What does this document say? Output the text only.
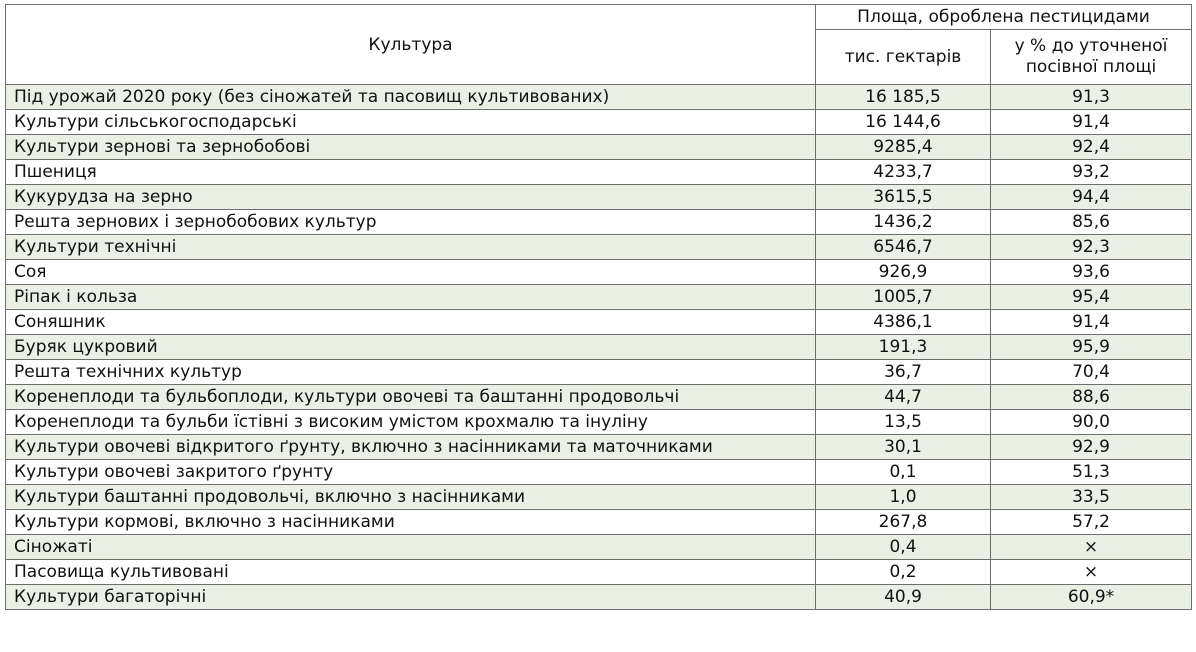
Культура	Площа, оброблена пестицидами	
	тис. гектарів	у % до уточненої посівної площі
Під урожай 2020 року (без сіножатей та пасовищ культивованих)	16 185,5	91,3
Культури сільськогосподарські	16 144,6	91,4
Культури зернові та зернобобові	9285,4	92,4
Пшениця	4233,7	93,2
Кукурудза на зерно	3615,5	94,4
Решта зернових і зернобобових культур	1436,2	85,6
Культури технічні	6546,7	92,3
Соя	926,9	93,6
Ріпак і кольза	1005,7	95,4
Соняшник	4386,1	91,4
Буряк цукровий	191,3	95,9
Решта технічних культур	36,7	70,4
Коренеплоди та бульбоплоди, культури овочеві та баштанні продовольчі	44,7	88,6
Коренеплоди та бульби їстівні з високим умістом крохмалю та інуліну	13,5	90,0
Культури овочеві відкритого ґрунту, включно з насінниками та маточниками	30,1	92,9
Культури овочеві закритого ґрунту	0,1	51,3
Культури баштанні продовольчі, включно з насінниками	1,0	33,5
Культури кормові, включно з насінниками	267,8	57,2
Сіножаті	0,4	×
Пасовища культивовані	0,2	×
Культури багаторічні	40,9	60,9*
